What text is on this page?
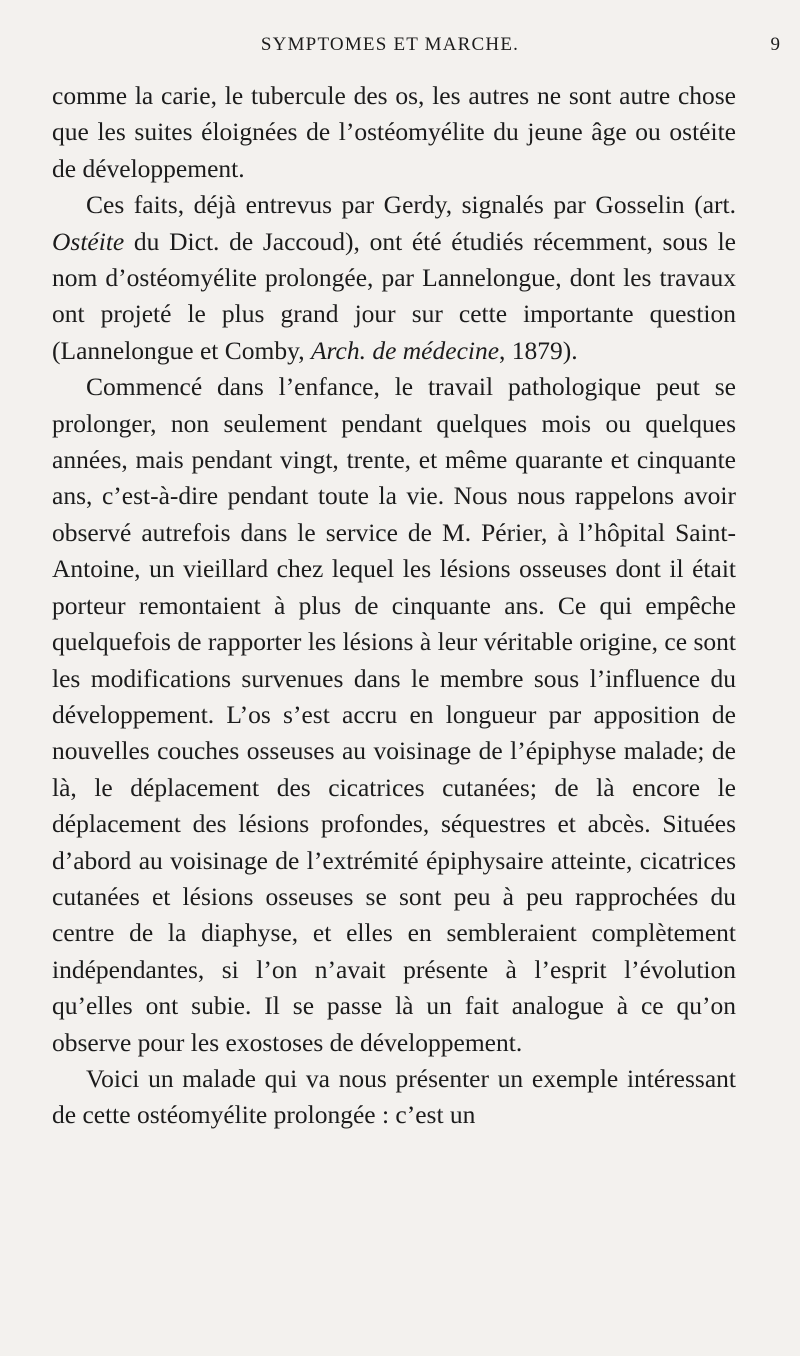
SYMPTOMES ET MARCHE.	9

comme la carie, le tubercule des os, les autres ne sont autre chose que les suites éloignées de l’ostéomyélite du jeune âge ou ostéite de développement.

Ces faits, déjà entrevus par Gerdy, signalés par Gosselin (art. Ostéite du Dict. de Jaccoud), ont été étudiés récemment, sous le nom d’ostéomyélite prolongée, par Lannelongue, dont les travaux ont projeté le plus grand jour sur cette importante question (Lannelongue et Comby, Arch. de médecine, 1879).

Commencé dans l’enfance, le travail pathologique peut se prolonger, non seulement pendant quelques mois ou quelques années, mais pendant vingt, trente, et même quarante et cinquante ans, c’est-à-dire pendant toute la vie. Nous nous rappelons avoir observé autrefois dans le service de M. Périer, à l’hôpital Saint-Antoine, un vieillard chez lequel les lésions osseuses dont il était porteur remontaient à plus de cinquante ans. Ce qui empêche quelquefois de rapporter les lésions à leur véritable origine, ce sont les modifications survenues dans le membre sous l’influence du développement. L’os s’est accru en longueur par apposition de nouvelles couches osseuses au voisinage de l’épiphyse malade; de là, le déplacement des cicatrices cutanées; de là encore le déplacement des lésions profondes, séquestres et abcès. Situées d’abord au voisinage de l’extrémité épiphysaire atteinte, cicatrices cutanées et lésions osseuses se sont peu à peu rapprochées du centre de la diaphyse, et elles en sembleraient complètement indépendantes, si l’on n’avait présente à l’esprit l’évolution qu’elles ont subie. Il se passe là un fait analogue à ce qu’on observe pour les exostoses de développement.

Voici un malade qui va nous présenter un exemple intéressant de cette ostéomyélite prolongée : c’est un
